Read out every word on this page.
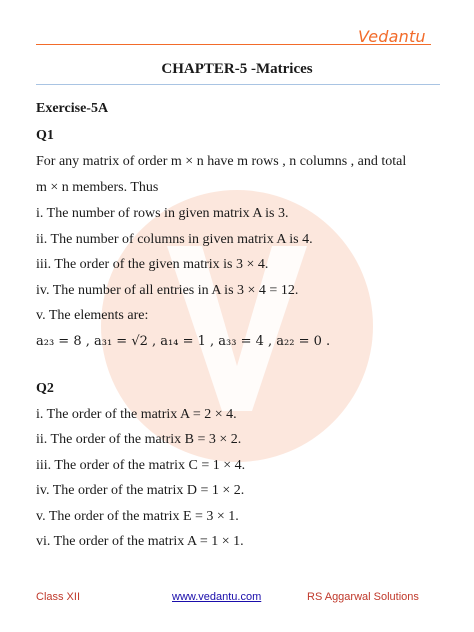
Vedantu
CHAPTER-5 -Matrices
Exercise-5A
Q1
For any matrix of order m × n have m rows , n columns , and total
m × n members. Thus
i. The number of rows in given matrix A is 3.
ii. The number of columns in given matrix A is 4.
iii. The order of the given matrix is 3 × 4.
iv. The number of all entries in A is 3 × 4 = 12.
v. The elements are:
a₂₃ = 8 , a₃₁ = √2 , a₁₄ = 1 , a₃₃ = 4 , a₂₂ = 0 .
Q2
i. The order of the matrix A = 2 × 4.
ii. The order of the matrix B = 3 × 2.
iii. The order of the matrix C = 1 × 4.
iv. The order of the matrix D = 1 × 2.
v. The order of the matrix E = 3 × 1.
vi. The order of the matrix A = 1 × 1.
Class XII	www.vedantu.com	RS Aggarwal Solutions
